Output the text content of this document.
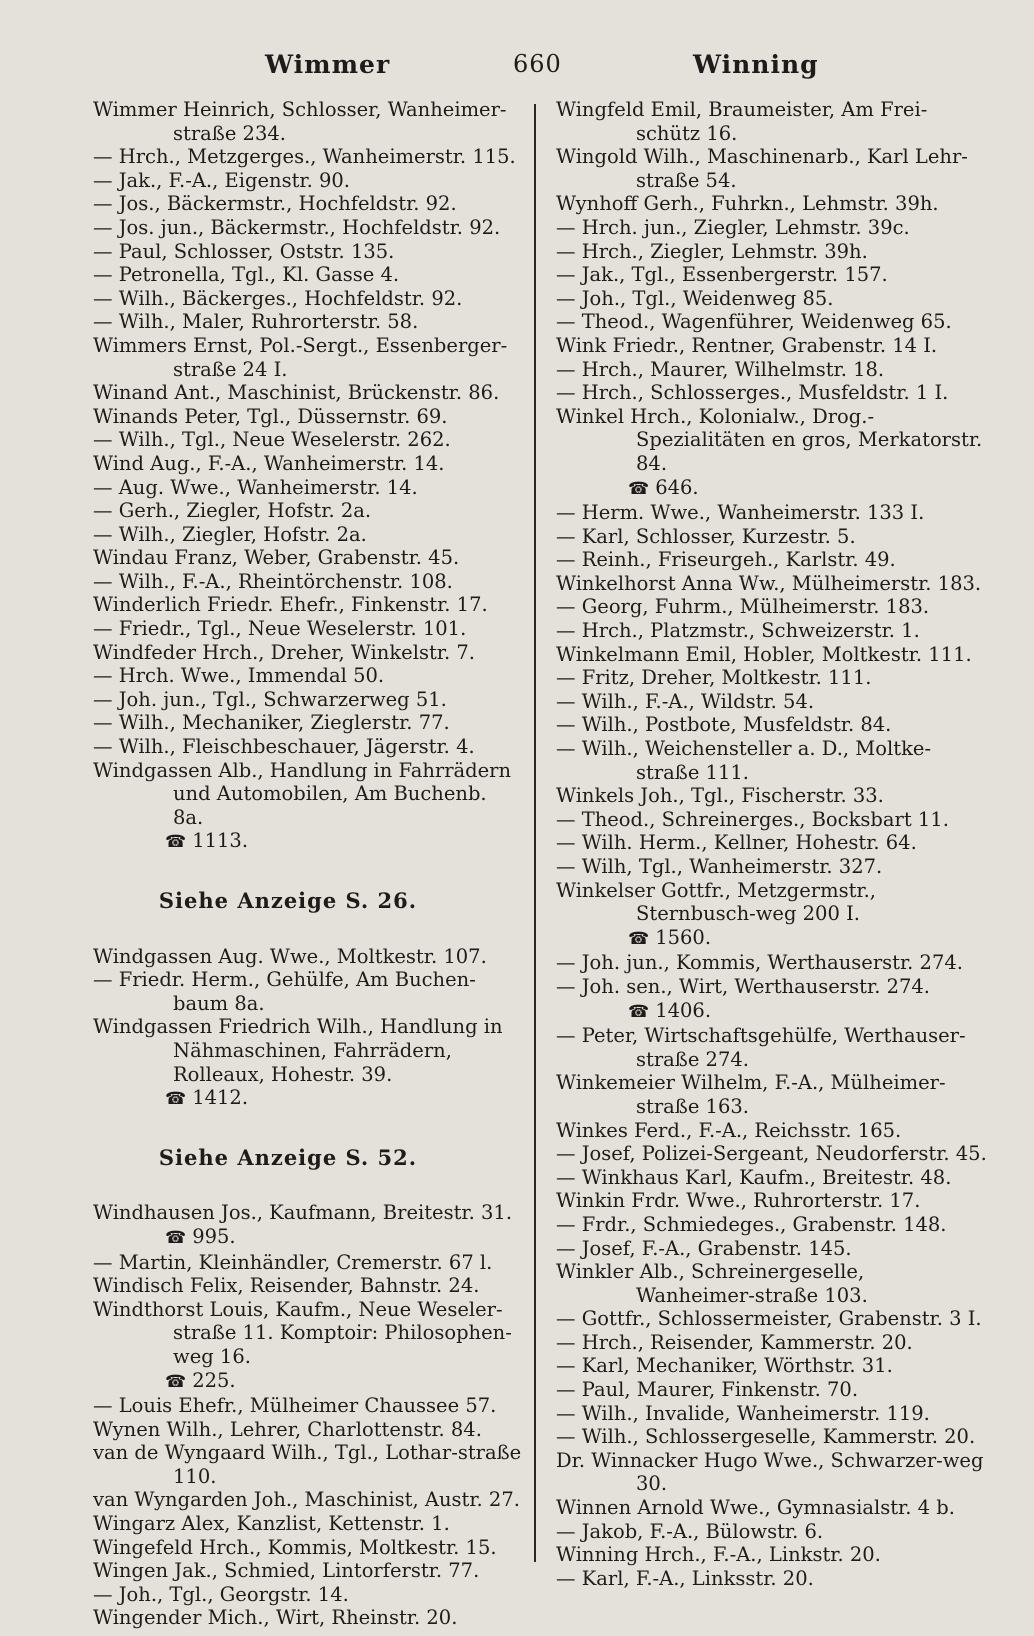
Wimmer	660	Winning
Wimmer Heinrich, Schlosser, Wanheimer-straße 234.
— Hrch., Metzgerges., Wanheimerstr. 115.
— Jak., F.-A., Eigenstr. 90.
— Jos., Bäckermstr., Hochfeldstr. 92.
— Jos. jun., Bäckermstr., Hochfeldstr. 92.
— Paul, Schlosser, Oststr. 135.
— Petronella, Tgl., Kl. Gasse 4.
— Wilh., Bäckerges., Hochfeldstr. 92.
— Wilh., Maler, Ruhrorterstr. 58.
Wimmers Ernst, Pol.-Sergt., Essenberger-straße 24 I.
Winand Ant., Maschinist, Brückenstr. 86.
Winands Peter, Tgl., Düssernstr. 69.
— Wilh., Tgl., Neue Weselerstr. 262.
Wind Aug., F.-A., Wanheimerstr. 14.
— Aug. Wwe., Wanheimerstr. 14.
— Gerh., Ziegler, Hofstr. 2a.
— Wilh., Ziegler, Hofstr. 2a.
Windau Franz, Weber, Grabenstr. 45.
— Wilh., F.-A., Rheintörchenstr. 108.
Winderlich Friedr. Ehefr., Finkenstr. 17.
— Friedr., Tgl., Neue Weselerstr. 101.
Windfeder Hrch., Dreher, Winkelstr. 7.
— Hrch. Wwe., Immendal 50.
— Joh. jun., Tgl., Schwarzerweg 51.
— Wilh., Mechaniker, Zieglerstr. 77.
— Wilh., Fleischbeschauer, Jägerstr. 4.
Windgassen Alb., Handlung in Fahrrädern und Automobilen, Am Buchenb. 8a.
☎ 1113.
Siehe Anzeige S. 26.
Windgassen Aug. Wwe., Moltkestr. 107.
— Friedr. Herm., Gehülfe, Am Buchen-baum 8a.
Windgassen Friedrich Wilh., Handlung in Nähmaschinen, Fahrrädern, Rolleaux, Hohestr. 39.
☎ 1412.
Siehe Anzeige S. 52.
Windhausen Jos., Kaufmann, Breitestr. 31.
☎ 995.
— Martin, Kleinhändler, Cremerstr. 67 l.
Windisch Felix, Reisender, Bahnstr. 24.
Windthorst Louis, Kaufm., Neue Weseler-straße 11. Komptoir: Philosophen-weg 16.
☎ 225.
— Louis Ehefr., Mülheimer Chaussee 57.
Wynen Wilh., Lehrer, Charlottenstr. 84.
van de Wyngaard Wilh., Tgl., Lothar-straße 110.
van Wyngarden Joh., Maschinist, Austr. 27.
Wingarz Alex, Kanzlist, Kettenstr. 1.
Wingefeld Hrch., Kommis, Moltkestr. 15.
Wingen Jak., Schmied, Lintorferstr. 77.
— Joh., Tgl., Georgstr. 14.
Wingender Mich., Wirt, Rheinstr. 20.
Wingfeld Emil, Braumeister, Am Frei-schütz 16.
Wingold Wilh., Maschinenarb., Karl Lehr-straße 54.
Wynhoff Gerh., Fuhrkn., Lehmstr. 39h.
— Hrch. jun., Ziegler, Lehmstr. 39c.
— Hrch., Ziegler, Lehmstr. 39h.
— Jak., Tgl., Essenbergerstr. 157.
— Joh., Tgl., Weidenweg 85.
— Theod., Wagenführer, Weidenweg 65.
Wink Friedr., Rentner, Grabenstr. 14 I.
— Hrch., Maurer, Wilhelmstr. 18.
— Hrch., Schlosserges., Musfeldstr. 1 I.
Winkel Hrch., Kolonialw., Drog.-Spezialitäten en gros, Merkatorstr. 84.
☎ 646.
— Herm. Wwe., Wanheimerstr. 133 I.
— Karl, Schlosser, Kurzestr. 5.
— Reinh., Friseurgeh., Karlstr. 49.
Winkelhorst Anna Ww., Mülheimerstr. 183.
— Georg, Fuhrm., Mülheimerstr. 183.
— Hrch., Platzmstr., Schweizerstr. 1.
Winkelmann Emil, Hobler, Moltkestr. 111.
— Fritz, Dreher, Moltkestr. 111.
— Wilh., F.-A., Wildstr. 54.
— Wilh., Postbote, Musfeldstr. 84.
— Wilh., Weichensteller a. D., Moltke-straße 111.
Winkels Joh., Tgl., Fischerstr. 33.
— Theod., Schreinerges., Bocksbart 11.
— Wilh. Herm., Kellner, Hohestr. 64.
— Wilh, Tgl., Wanheimerstr. 327.
Winkelser Gottfr., Metzgermstr., Sternbusch-weg 200 I.
☎ 1560.
— Joh. jun., Kommis, Werthauserstr. 274.
— Joh. sen., Wirt, Werthauserstr. 274.
☎ 1406.
— Peter, Wirtschaftsgehülfe, Werthauser-straße 274.
Winkemeier Wilhelm, F.-A., Mülheimer-straße 163.
Winkes Ferd., F.-A., Reichsstr. 165.
— Josef, Polizei-Sergeant, Neudorferstr. 45.
— Winkhaus Karl, Kaufm., Breitestr. 48.
Winkin Frdr. Wwe., Ruhrorterstr. 17.
— Frdr., Schmiedeges., Grabenstr. 148.
— Josef, F.-A., Grabenstr. 145.
Winkler Alb., Schreinergeselle, Wanheimer-straße 103.
— Gottfr., Schlossermeister, Grabenstr. 3 I.
— Hrch., Reisender, Kammerstr. 20.
— Karl, Mechaniker, Wörthstr. 31.
— Paul, Maurer, Finkenstr. 70.
— Wilh., Invalide, Wanheimerstr. 119.
— Wilh., Schlossergeselle, Kammerstr. 20.
Dr. Winnacker Hugo Wwe., Schwarzer-weg 30.
Winnen Arnold Wwe., Gymnasialstr. 4 b.
— Jakob, F.-A., Bülowstr. 6.
Winning Hrch., F.-A., Linkstr. 20.
— Karl, F.-A., Linksstr. 20.
